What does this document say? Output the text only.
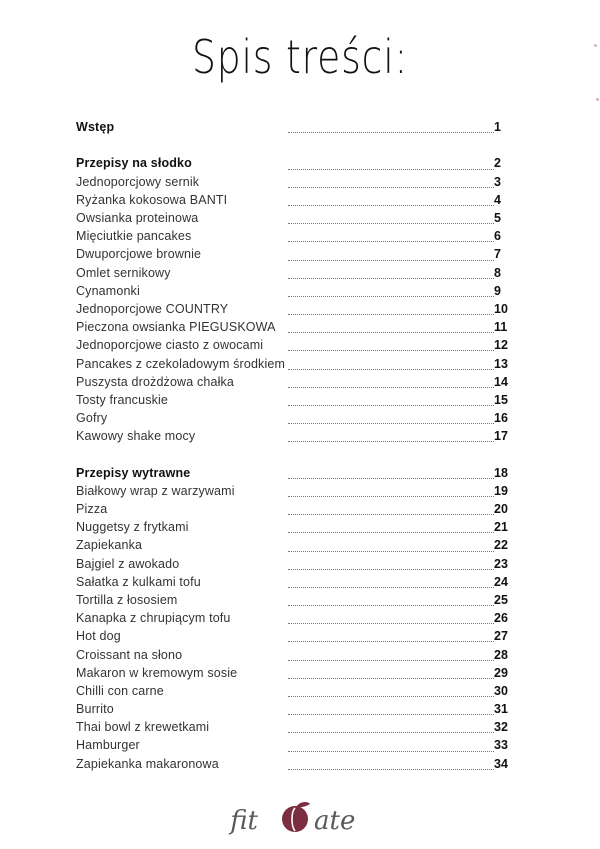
Spis treści:
Wstęp	1
Przepisy na słodko	2
Jednoporcjowy sernik	3
Ryżanka kokosowa BANTI	4
Owsianka proteinowa	5
Mięciutkie pancakes	6
Dwuporcjowe brownie	7
Omlet sernikowy	8
Cynamonki	9
Jednoporcjowe COUNTRY	10
Pieczona owsianka PIEGUSKOWA	11
Jednoporcjowe ciasto z owocami	12
Pancakes z czekoladowym środkiem	13
Puszysta drożdżowa chałka	14
Tosty francuskie	15
Gofry	16
Kawowy shake mocy	17
Przepisy wytrawne	18
Białkowy wrap z warzywami	19
Pizza	20
Nuggetsy z frytkami	21
Zapiekanka	22
Bajgiel z awokado	23
Sałatka z kulkami tofu	24
Tortilla z łososiem	25
Kanapka z chrupiącym tofu	26
Hot dog	27
Croissant na słono	28
Makaron w kremowym sosie	29
Chilli con carne	30
Burrito	31
Thai bowl z krewetkami	32
Hamburger	33
Zapiekanka makaronowa	34
fit ate
